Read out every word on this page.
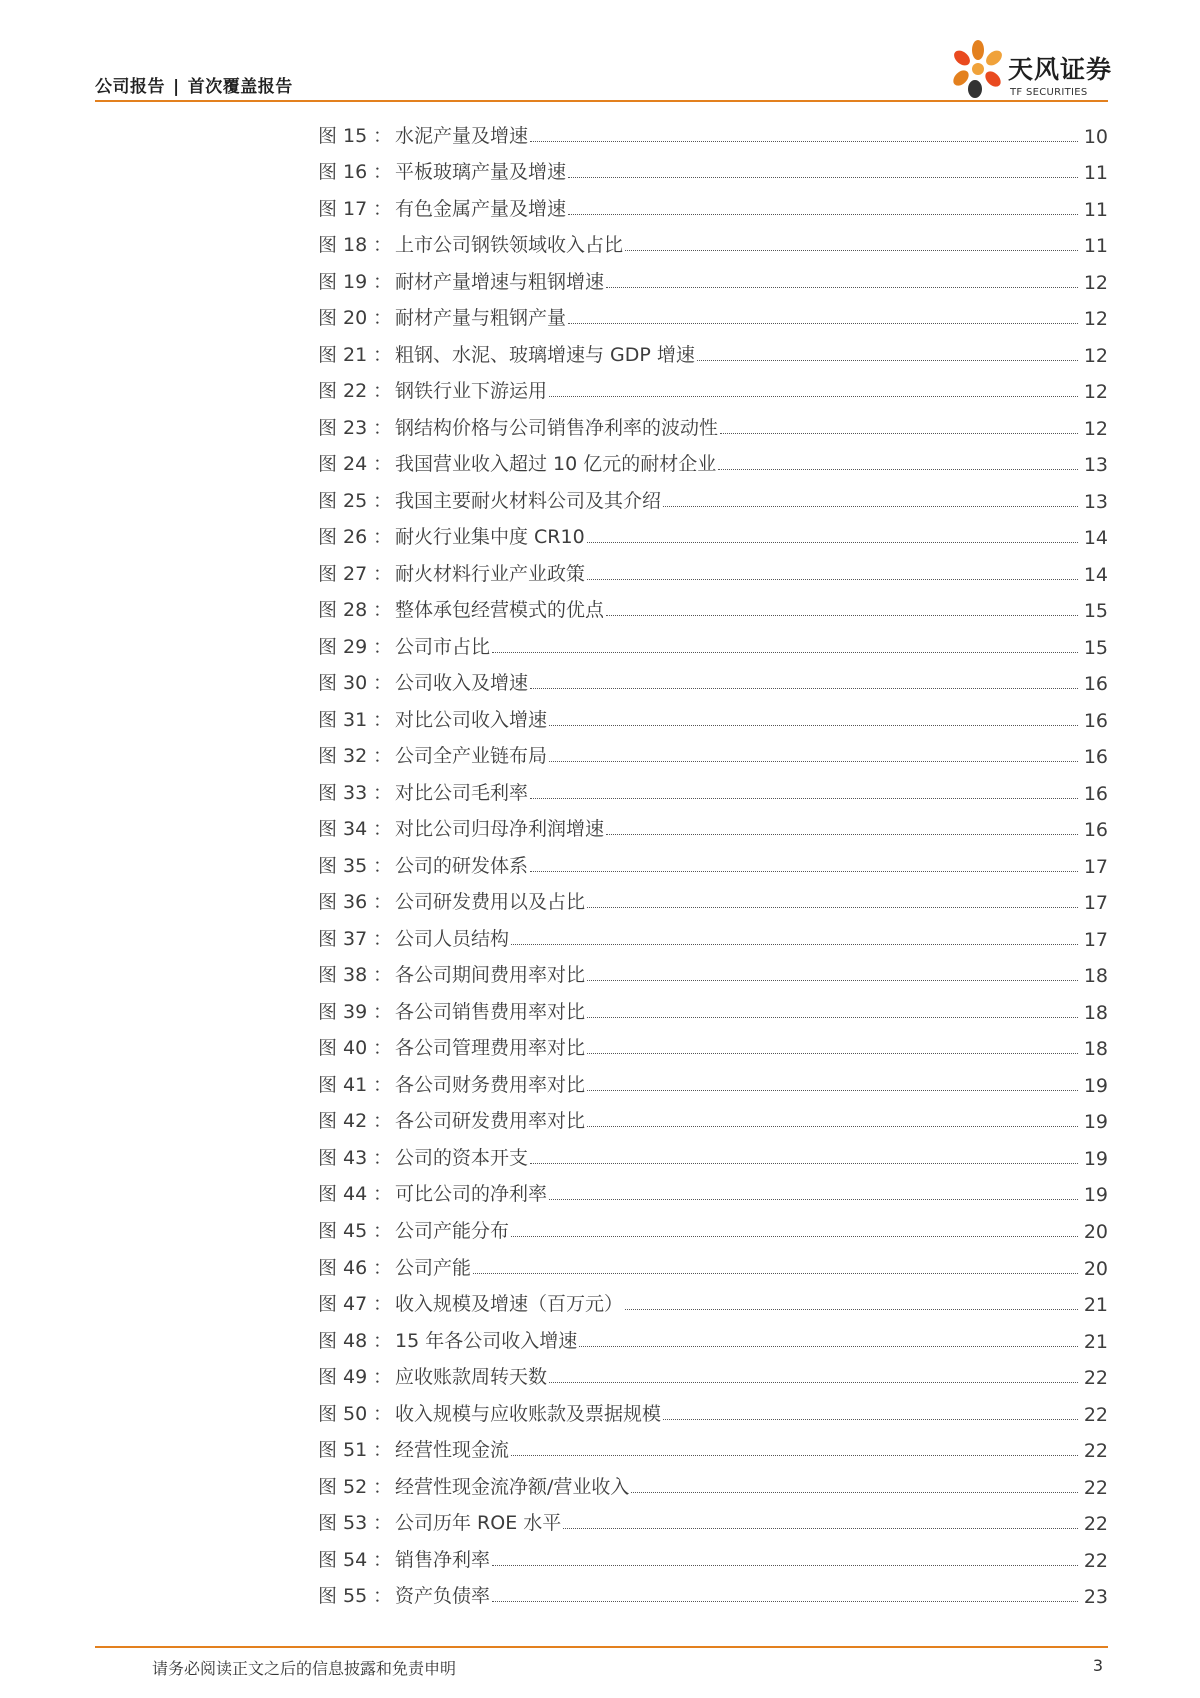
公司报告 | 首次覆盖报告
天风证券
TF SECURITIES
图 15 ： 水泥产量及增速	10
图 16 ： 平板玻璃产量及增速	11
图 17 ： 有色金属产量及增速	11
图 18 ： 上市公司钢铁领域收入占比	11
图 19 ： 耐材产量增速与粗钢增速	12
图 20 ： 耐材产量与粗钢产量	12
图 21 ： 粗钢、水泥、玻璃增速与 GDP 增速	12
图 22 ： 钢铁行业下游运用	12
图 23 ： 钢结构价格与公司销售净利率的波动性	12
图 24 ： 我国营业收入超过 10 亿元的耐材企业	13
图 25 ： 我国主要耐火材料公司及其介绍	13
图 26 ： 耐火行业集中度 CR10	14
图 27 ： 耐火材料行业产业政策	14
图 28 ： 整体承包经营模式的优点	15
图 29 ： 公司市占比	15
图 30 ： 公司收入及增速	16
图 31 ： 对比公司收入增速	16
图 32 ： 公司全产业链布局	16
图 33 ： 对比公司毛利率	16
图 34 ： 对比公司归母净利润增速	16
图 35 ： 公司的研发体系	17
图 36 ： 公司研发费用以及占比	17
图 37 ： 公司人员结构	17
图 38 ： 各公司期间费用率对比	18
图 39 ： 各公司销售费用率对比	18
图 40 ： 各公司管理费用率对比	18
图 41 ： 各公司财务费用率对比	19
图 42 ： 各公司研发费用率对比	19
图 43 ： 公司的资本开支	19
图 44 ： 可比公司的净利率	19
图 45 ： 公司产能分布	20
图 46 ： 公司产能	20
图 47 ： 收入规模及增速（百万元）	21
图 48 ： 15 年各公司收入增速	21
图 49 ： 应收账款周转天数	22
图 50 ： 收入规模与应收账款及票据规模	22
图 51 ： 经营性现金流	22
图 52 ： 经营性现金流净额/营业收入	22
图 53 ： 公司历年 ROE 水平	22
图 54 ： 销售净利率	22
图 55 ： 资产负债率	23
请务必阅读正文之后的信息披露和免责申明	3
